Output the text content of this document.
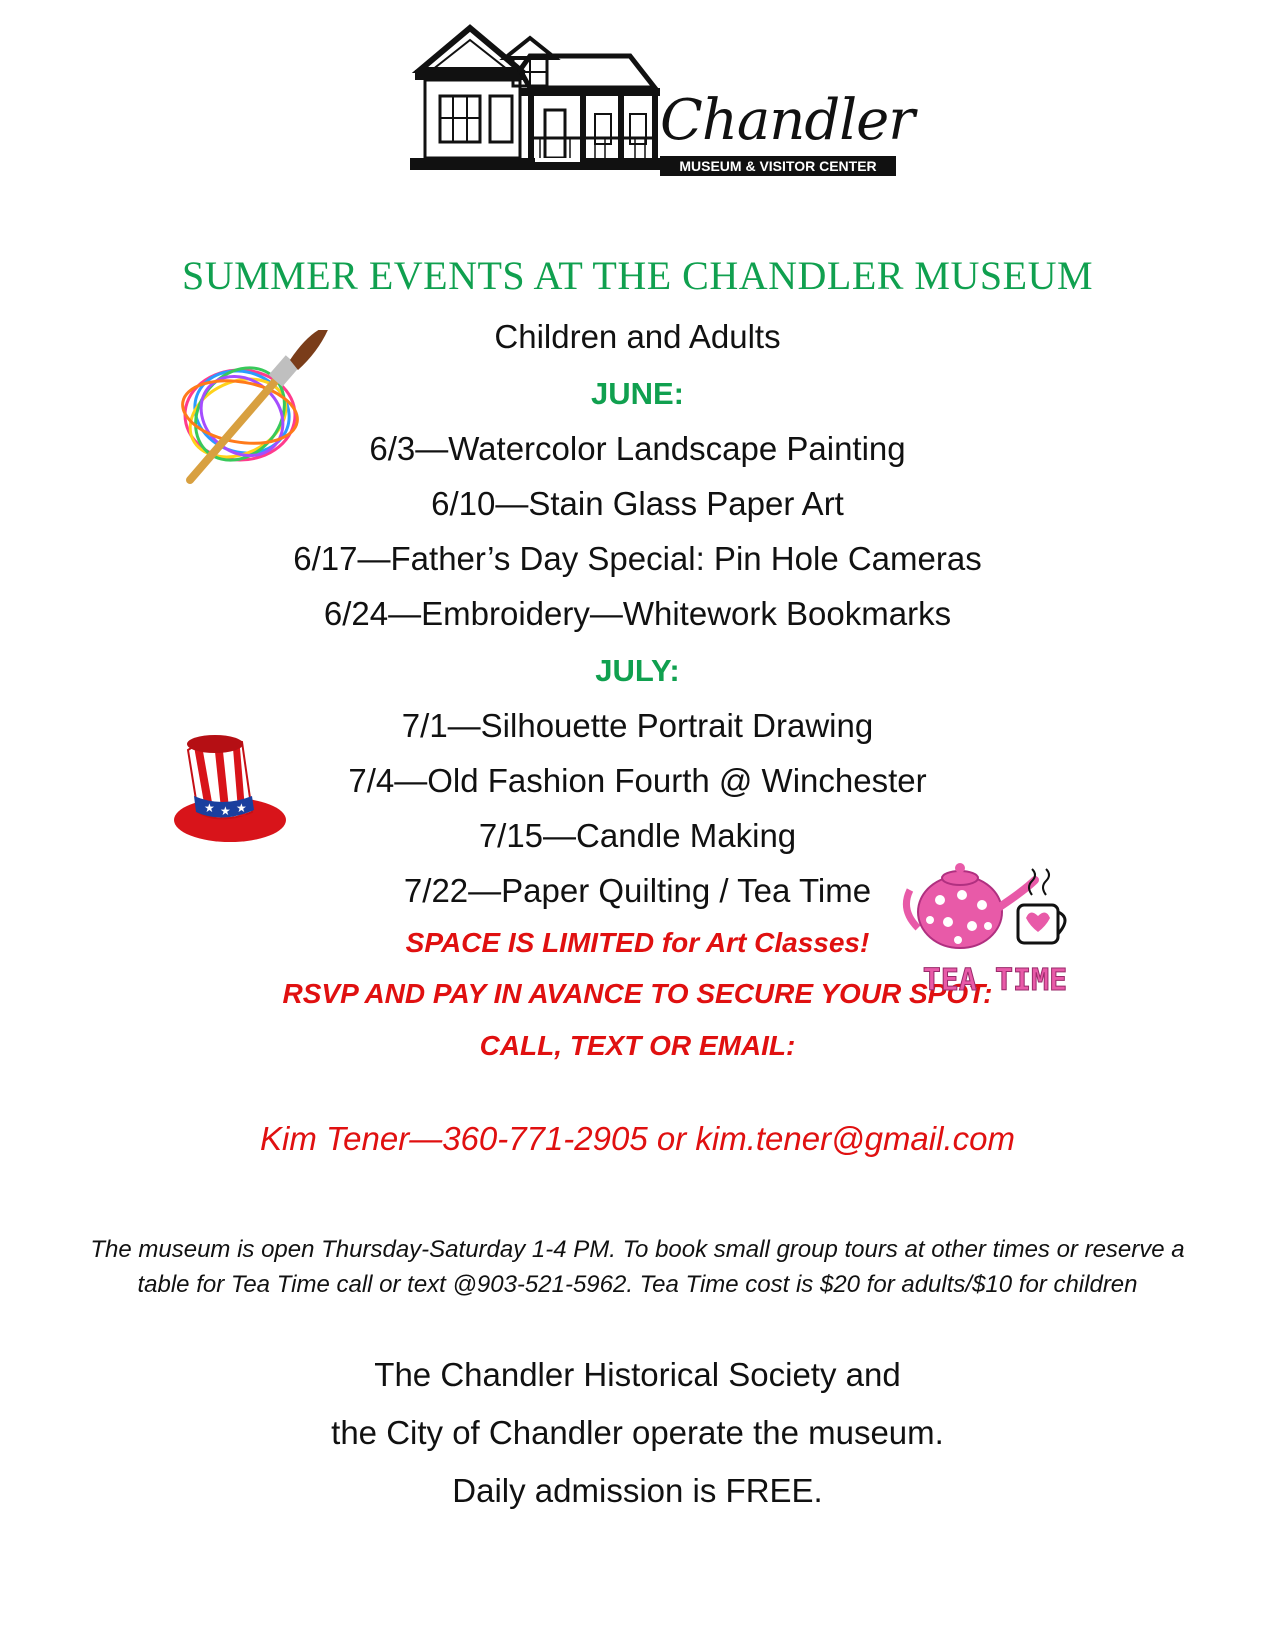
Chandler
MUSEUM & VISITOR CENTER
SUMMER EVENTS AT THE CHANDLER MUSEUM
Children and Adults
JUNE:
6/3—Watercolor Landscape Painting
6/10—Stain Glass Paper Art
6/17—Father’s Day Special: Pin Hole Cameras
6/24—Embroidery—Whitework Bookmarks
JULY:
7/1—Silhouette Portrait Drawing
7/4—Old Fashion Fourth @ Winchester
7/15—Candle Making
7/22—Paper Quilting / Tea Time
SPACE IS LIMITED for Art Classes!
RSVP AND PAY IN AVANCE TO SECURE YOUR SPOT:
CALL, TEXT OR EMAIL:
Kim Tener—360-771-2905 or kim.tener@gmail.com
The museum is open Thursday-Saturday 1-4 PM. To book small group tours at other times or reserve a table for Tea Time call or text @903-521-5962. Tea Time cost is $20 for adults/$10 for children
The Chandler Historical Society and
the City of Chandler operate the museum.
Daily admission is FREE.
★ ★ ★
TEA TIME
